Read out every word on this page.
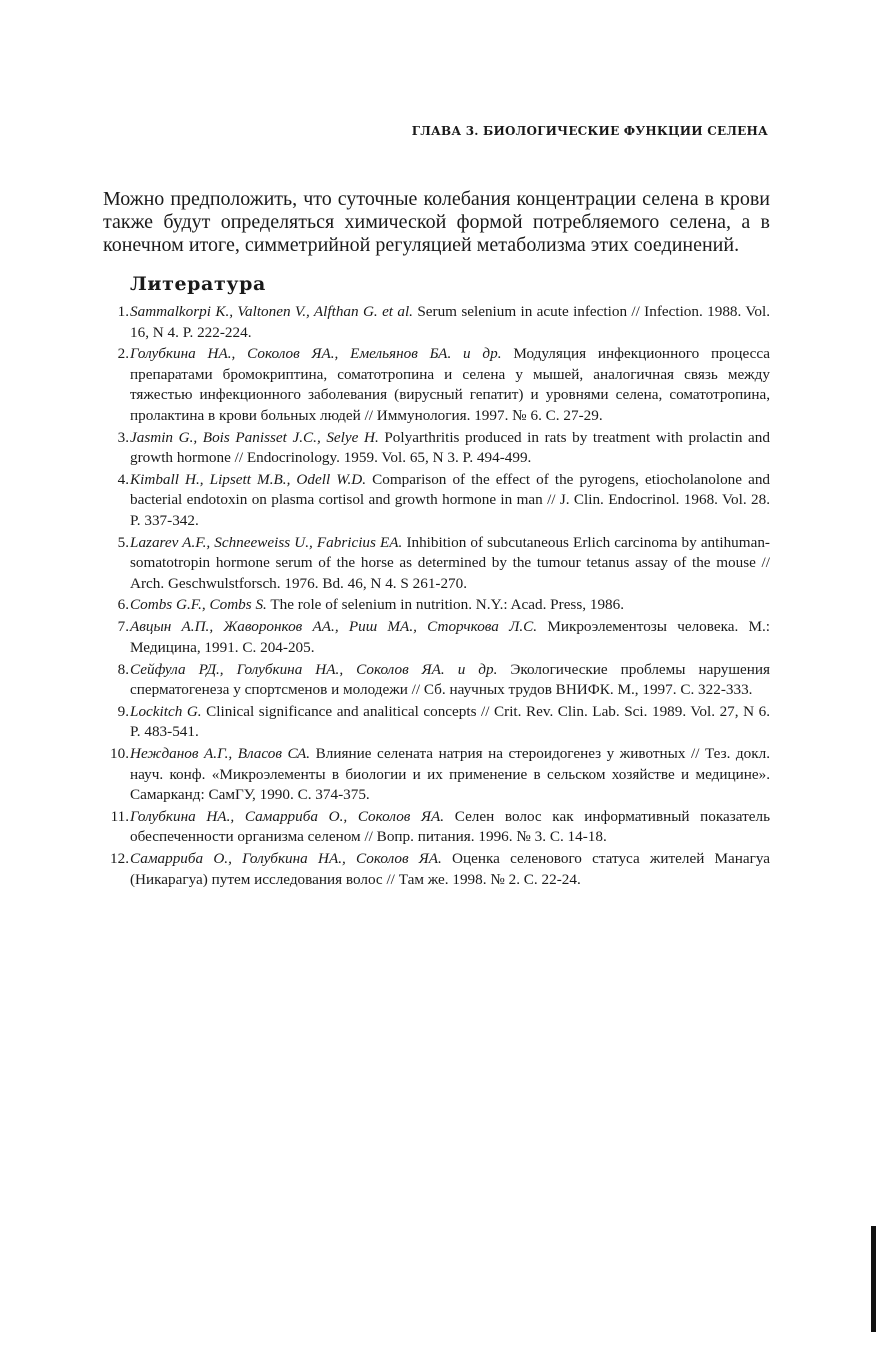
ГЛАВА 3. БИОЛОГИЧЕСКИЕ ФУНКЦИИ СЕЛЕНА

Можно предположить, что суточные колебания концентрации селена в крови также будут определяться химической формой потребляемого селена, а в конечном итоге, симметрийной регуляцией метаболизма этих соединений.

Литература
1. Sammalkorpi K., Valtonen V., Alfthan G. et al. Serum selenium in acute infection // Infection. 1988. Vol. 16, N 4. P. 222-224.
2. Голубкина НА., Соколов ЯА., Емельянов БА. и др. Модуляция инфекционного процесса препаратами бромокриптина, соматотропина и селена у мышей, аналогичная связь между тяжестью инфекционного заболевания (вирусный гепатит) и уровнями селена, соматотропина, пролактина в крови больных людей // Иммунология. 1997. № 6. С. 27-29.
3. Jasmin G., Bois Panisset J.C., Selye H. Polyarthritis produced in rats by treatment with prolactin and growth hormone // Endocrinology. 1959. Vol. 65, N 3. P. 494-499.
4. Kimball H., Lipsett M.B., Odell W.D. Comparison of the effect of the pyrogens, etiocholanolone and bacterial endotoxin on plasma cortisol and growth hormone in man // J. Clin. Endocrinol. 1968. Vol. 28. P. 337-342.
5. Lazarev A.F., Schneeweiss U., Fabricius EA. Inhibition of subcutaneous Erlich carcinoma by antihuman-somatotropin hormone serum of the horse as determined by the tumour tetanus assay of the mouse // Arch. Geschwulstforsch. 1976. Bd. 46, N 4. S 261-270.
6. Combs G.F., Combs S. The role of selenium in nutrition. N.Y.: Acad. Press, 1986.
7. Авцын А.П., Жаворонков АА., Риш МА., Сторчкова Л.С. Микроэлементозы человека. М.: Медицина, 1991. С. 204-205.
8. Сейфула РД., Голубкина НА., Соколов ЯА. и др. Экологические проблемы нарушения сперматогенеза у спортсменов и молодежи // Сб. научных трудов ВНИФК. М., 1997. С. 322-333.
9. Lockitch G. Clinical significance and analitical concepts // Crit. Rev. Clin. Lab. Sci. 1989. Vol. 27, N 6. P. 483-541.
10. Нежданов А.Г., Власов СА. Влияние селената натрия на стероидогенез у животных // Тез. докл. науч. конф. «Микроэлементы в биологии и их применение в сельском хозяйстве и медицине». Самарканд: СамГУ, 1990. С. 374-375.
11. Голубкина НА., Самарриба О., Соколов ЯА. Селен волос как информативный показатель обеспеченности организма селеном // Вопр. питания. 1996. № 3. С. 14-18.
12. Самарриба О., Голубкина НА., Соколов ЯА. Оценка селенового статуса жителей Манагуа (Никарагуа) путем исследования волос // Там же. 1998. № 2. С. 22-24.
